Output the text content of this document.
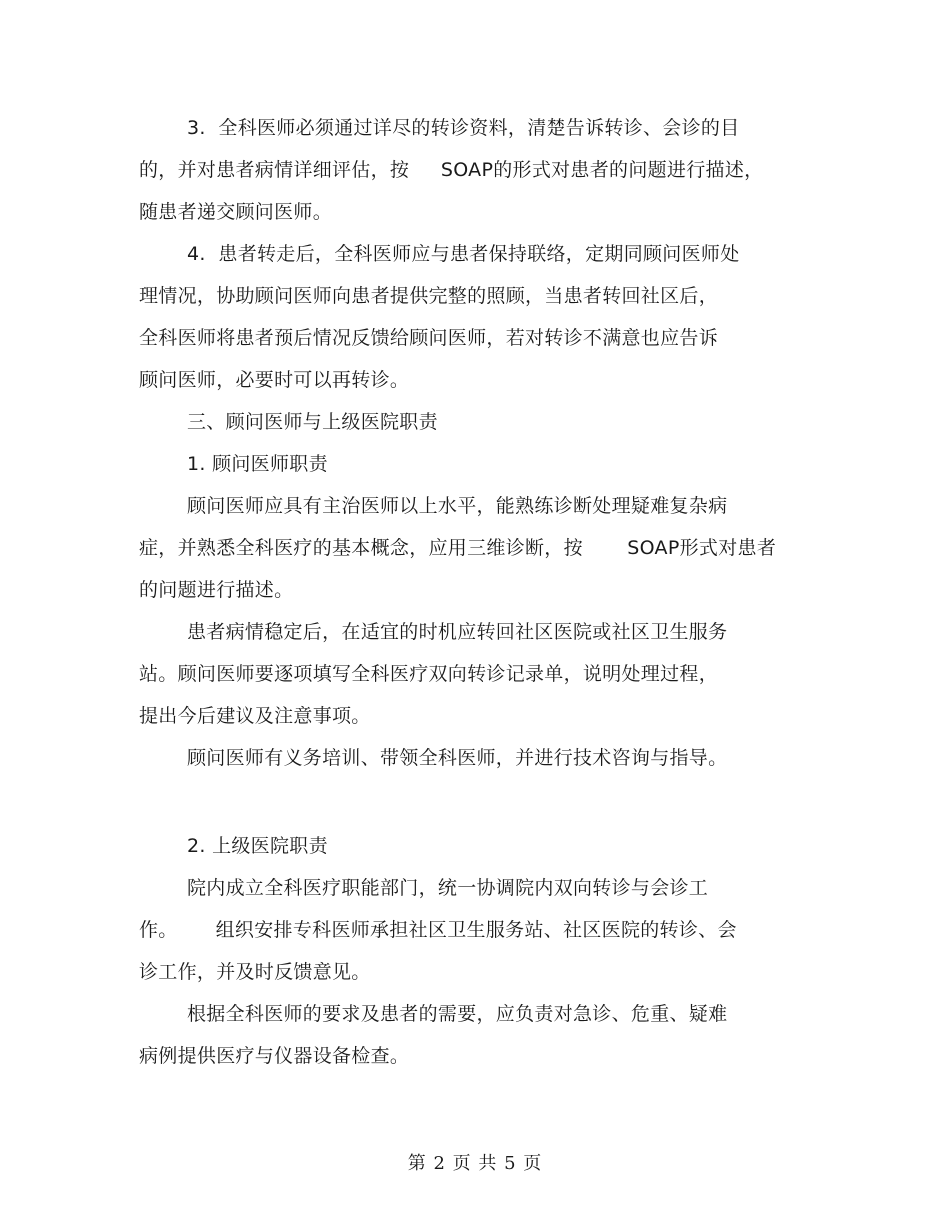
3.  全科医师必须通过详尽的转诊资料，清楚告诉转诊、会诊的目
的，并对患者病情详细评估，按     SOAP的形式对患者的问题进行描述，
随患者递交顾问医师。
4.  患者转走后，全科医师应与患者保持联络，定期同顾问医师处
理情况，协助顾问医师向患者提供完整的照顾，当患者转回社区后，
全科医师将患者预后情况反馈给顾问医师，若对转诊不满意也应告诉
顾问医师，必要时可以再转诊。
三、顾问医师与上级医院职责
1. 顾问医师职责
顾问医师应具有主治医师以上水平，能熟练诊断处理疑难复杂病
症，并熟悉全科医疗的基本概念，应用三维诊断，按       SOAP形式对患者
的问题进行描述。
患者病情稳定后，在适宜的时机应转回社区医院或社区卫生服务
站。顾问医师要逐项填写全科医疗双向转诊记录单，说明处理过程，
提出今后建议及注意事项。
顾问医师有义务培训、带领全科医师，并进行技术咨询与指导。
2. 上级医院职责
院内成立全科医疗职能部门，统一协调院内双向转诊与会诊工
作。      组织安排专科医师承担社区卫生服务站、社区医院的转诊、会
诊工作，并及时反馈意见。
根据全科医师的要求及患者的需要，应负责对急诊、危重、疑难
病例提供医疗与仪器设备检查。
第 2 页 共 5 页
